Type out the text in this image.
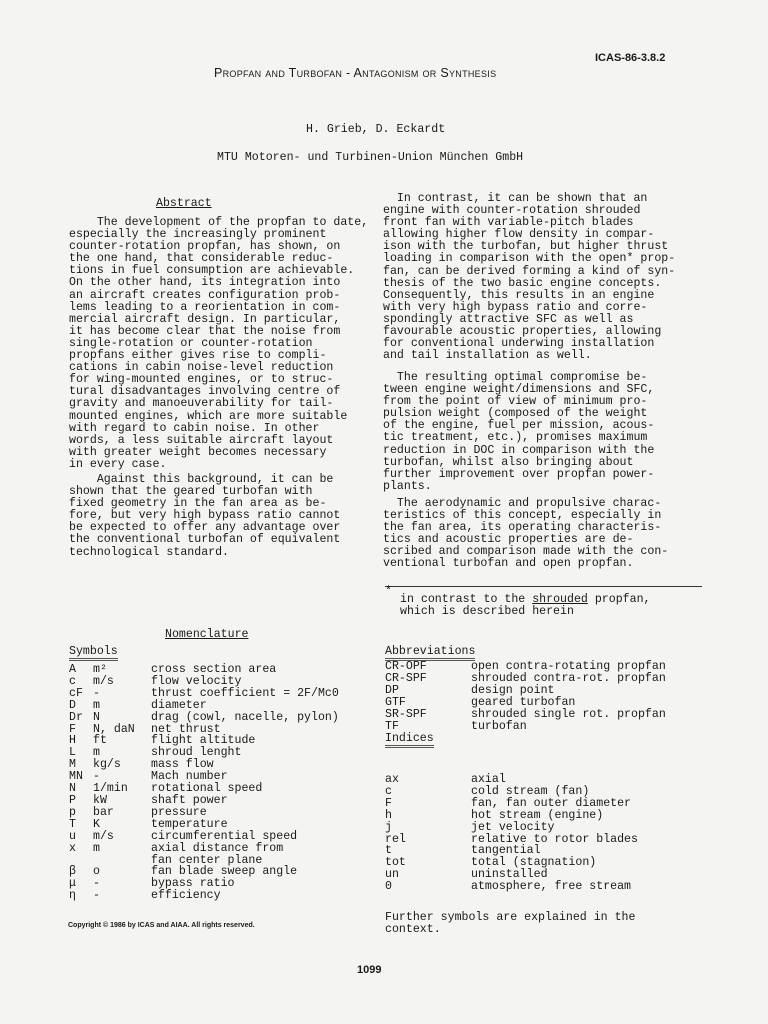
ICAS-86-3.8.2
Propfan and Turbofan - Antagonism or Synthesis
H. Grieb, D. Eckardt
MTU Motoren- und Turbinen-Union München GmbH
Abstract
The development of the propfan to date,
especially the increasingly prominent
counter-rotation propfan, has shown, on
the one hand, that considerable reduc-
tions in fuel consumption are achievable.
On the other hand, its integration into
an aircraft creates configuration prob-
lems leading to a reorientation in com-
mercial aircraft design. In particular,
it has become clear that the noise from
single-rotation or counter-rotation
propfans either gives rise to compli-
cations in cabin noise-level reduction
for wing-mounted engines, or to struc-
tural disadvantages involving centre of
gravity and manoeuverability for tail-
mounted engines, which are more suitable
with regard to cabin noise. In other
words, a less suitable aircraft layout
with greater weight becomes necessary
in every case.
Against this background, it can be
shown that the geared turbofan with
fixed geometry in the fan area as be-
fore, but very high bypass ratio cannot
be expected to offer any advantage over
the conventional turbofan of equivalent
technological standard.
In contrast, it can be shown that an
engine with counter-rotation shrouded
front fan with variable-pitch blades
allowing higher flow density in compar-
ison with the turbofan, but higher thrust
loading in comparison with the open* prop-
fan, can be derived forming a kind of syn-
thesis of the two basic engine concepts.
Consequently, this results in an engine
with very high bypass ratio and corre-
spondingly attractive SFC as well as
favourable acoustic properties, allowing
for conventional underwing installation
and tail installation as well.
The resulting optimal compromise be-
tween engine weight/dimensions and SFC,
from the point of view of minimum pro-
pulsion weight (composed of the weight
of the engine, fuel per mission, acous-
tic treatment, etc.), promises maximum
reduction in DOC in comparison with the
turbofan, whilst also bringing about
further improvement over propfan power-
plants.
The aerodynamic and propulsive charac-
teristics of this concept, especially in
the fan area, its operating characteris-
tics and acoustic properties are de-
scribed and comparison made with the con-
ventional turbofan and open propfan.
*
in contrast to the shrouded propfan,
which is described herein
Nomenclature
Symbols
A	m²	cross section area
c	m/s	flow velocity
cF	-	thrust coefficient = 2F/Mc0
D	m	diameter
Dr	N	drag (cowl, nacelle, pylon)
F	N, daN	net thrust
H	ft	flight altitude
L	m	shroud lenght
M	kg/s	mass flow
MN	-	Mach number
N	1/min	rotational speed
P	kW	shaft power
p	bar	pressure
T	K	temperature
u	m/s	circumferential speed
x	m	axial distance from
		fan center plane
β	o	fan blade sweep angle
μ	-	bypass ratio
η	-	efficiency
Abbreviations
CR-OPF	open contra-rotating propfan
CR-SPF	shrouded contra-rot. propfan
DP	design point
GTF	geared turbofan
SR-SPF	shrouded single rot. propfan
TF	turbofan
Indices
ax	axial
c	cold stream (fan)
F	fan, fan outer diameter
h	hot stream (engine)
j	jet velocity
rel	relative to rotor blades
t	tangential
tot	total (stagnation)
un	uninstalled

0	atmosphere, free stream
Further symbols are explained in the
context.
Copyright © 1986 by ICAS and AIAA. All rights reserved.
1099
